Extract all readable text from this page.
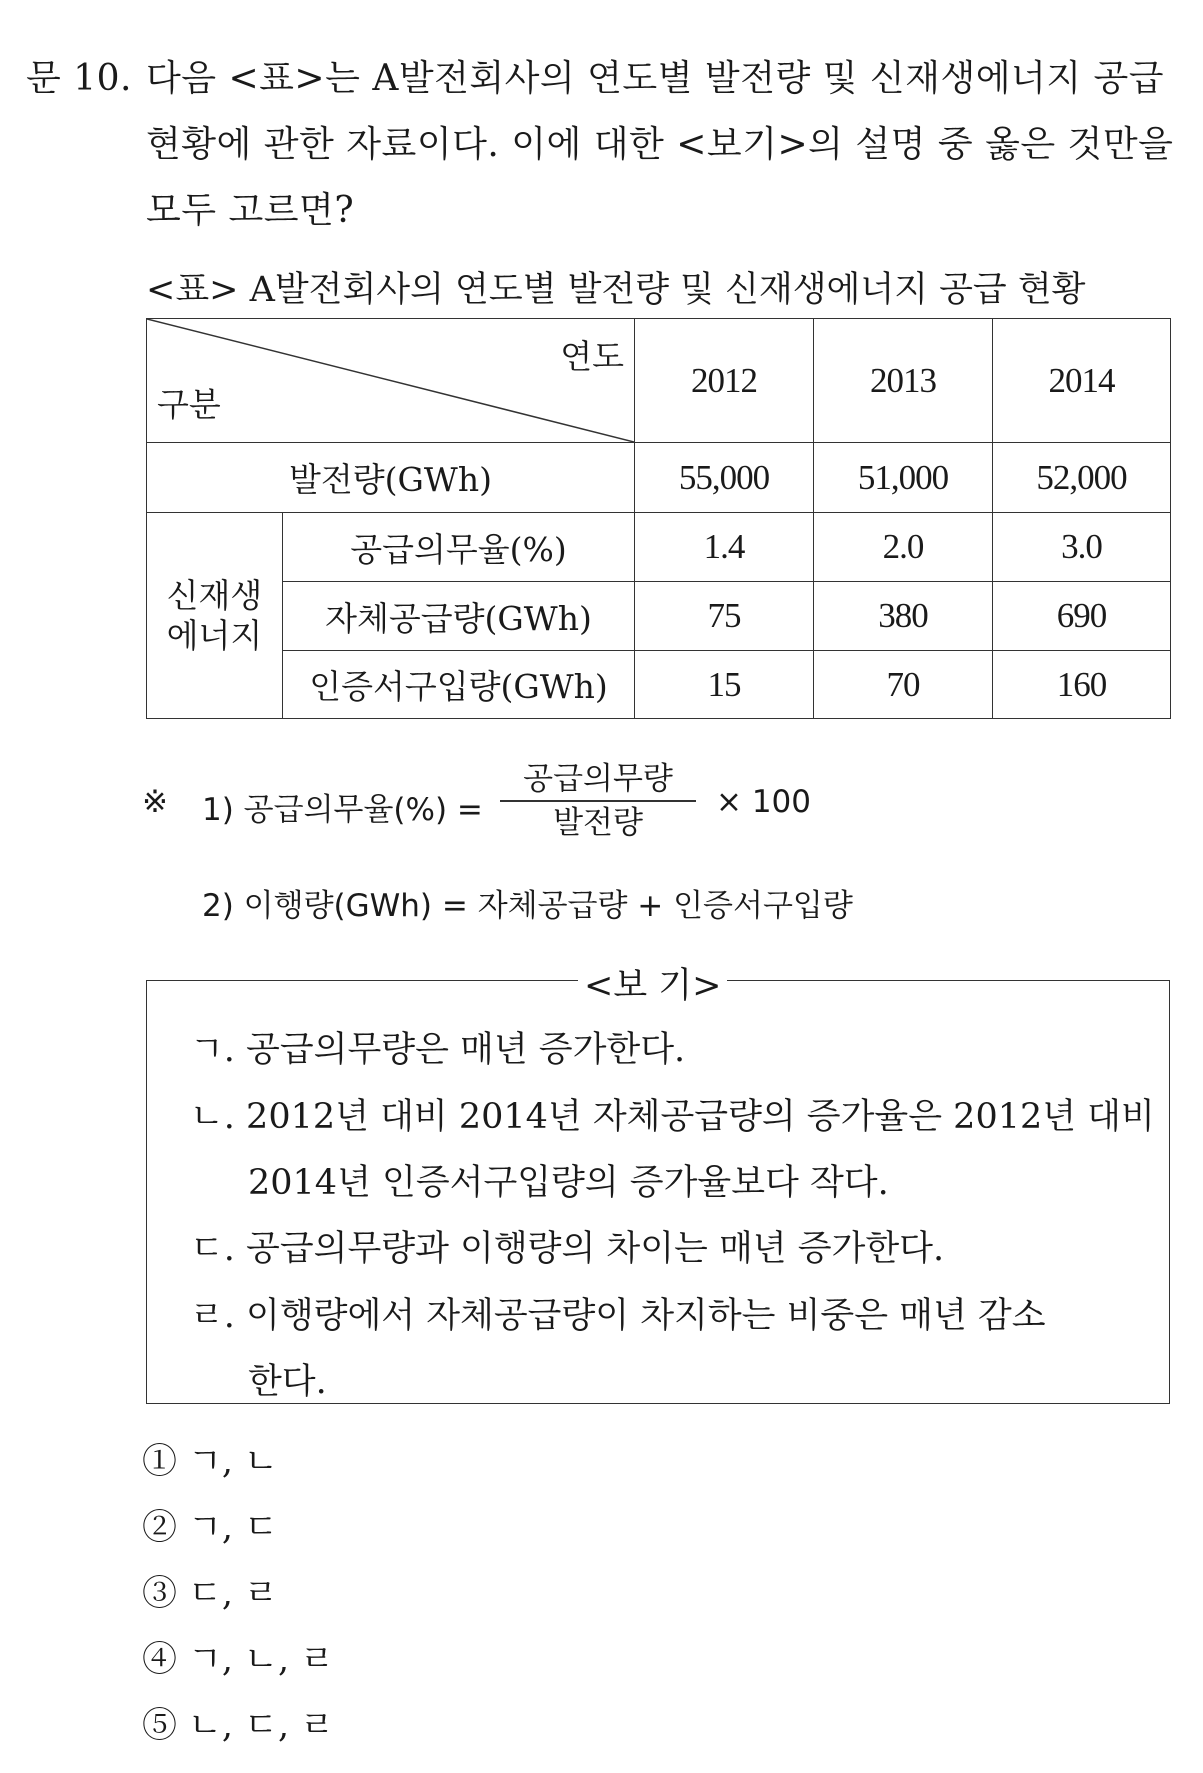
문 10. 다음 <표>는 A발전회사의 연도별 발전량 및 신재생에너지 공급
현황에 관한 자료이다. 이에 대한 <보기>의 설명 중 옳은 것만을
모두 고르면?
<표> A발전회사의 연도별 발전량 및 신재생에너지 공급 현황
연도
구분		2012	2013	2014
발전량(GWh)		55,000	51,000	52,000

신재생
에너지	공급의무율(%)	1.4	2.0	3.0
	자체공급량(GWh)	75	380	690
	인증서구입량(GWh)	15	70	160
※ 1) 공급의무율(%) =
공급의무량
발전량
× 100
2) 이행량(GWh) = 자체공급량 + 인증서구입량
<보 기>
ㄱ. 공급의무량은 매년 증가한다.
ㄴ. 2012년 대비 2014년 자체공급량의 증가율은 2012년 대비
2014년 인증서구입량의 증가율보다 작다.
ㄷ. 공급의무량과 이행량의 차이는 매년 증가한다.
ㄹ. 이행량에서 자체공급량이 차지하는 비중은 매년 감소
한다.
① ㄱ, ㄴ
② ㄱ, ㄷ
③ ㄷ, ㄹ
④ ㄱ, ㄴ, ㄹ
⑤ ㄴ, ㄷ, ㄹ
